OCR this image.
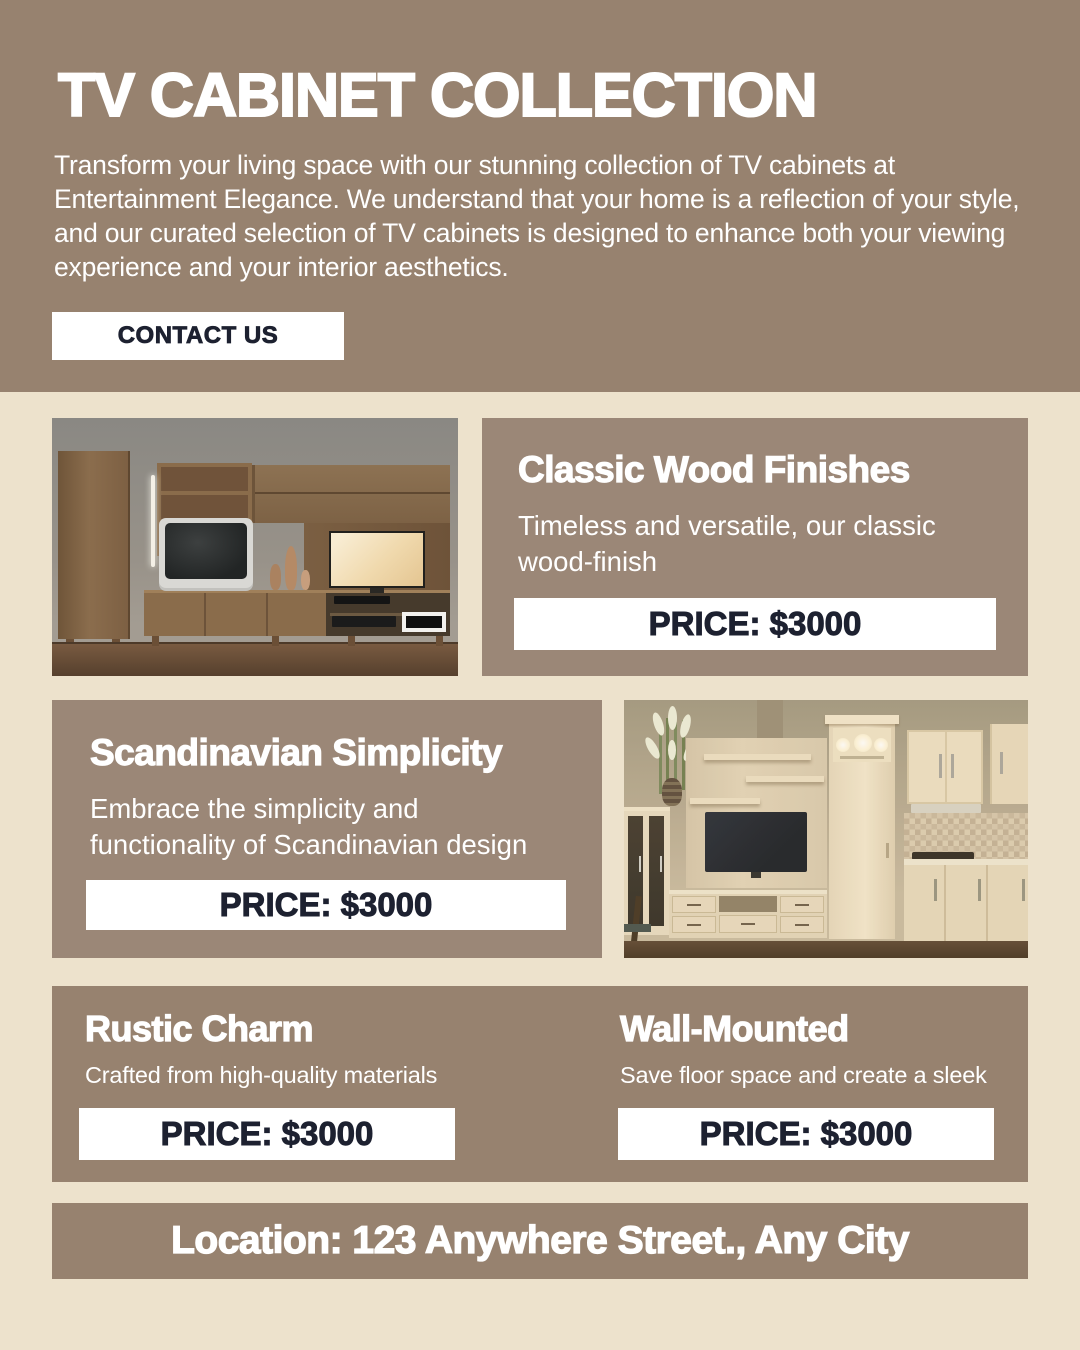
TV CABINET COLLECTION

Transform your living space with our stunning collection of TV cabinets at Entertainment Elegance. We understand that your home is a reflection of your style, and our curated selection of TV cabinets is designed to enhance both your viewing experience and your interior aesthetics.

CONTACT US
Classic Wood Finishes

Timeless and versatile, our classic wood-finish

PRICE: $3000
Scandinavian Simplicity

Embrace the simplicity and functionality of Scandinavian design

PRICE: $3000
Rustic Charm

Crafted from high-quality materials

PRICE: $3000
Wall-Mounted

Save floor space and create a sleek

PRICE: $3000
Location: 123 Anywhere Street., Any City
